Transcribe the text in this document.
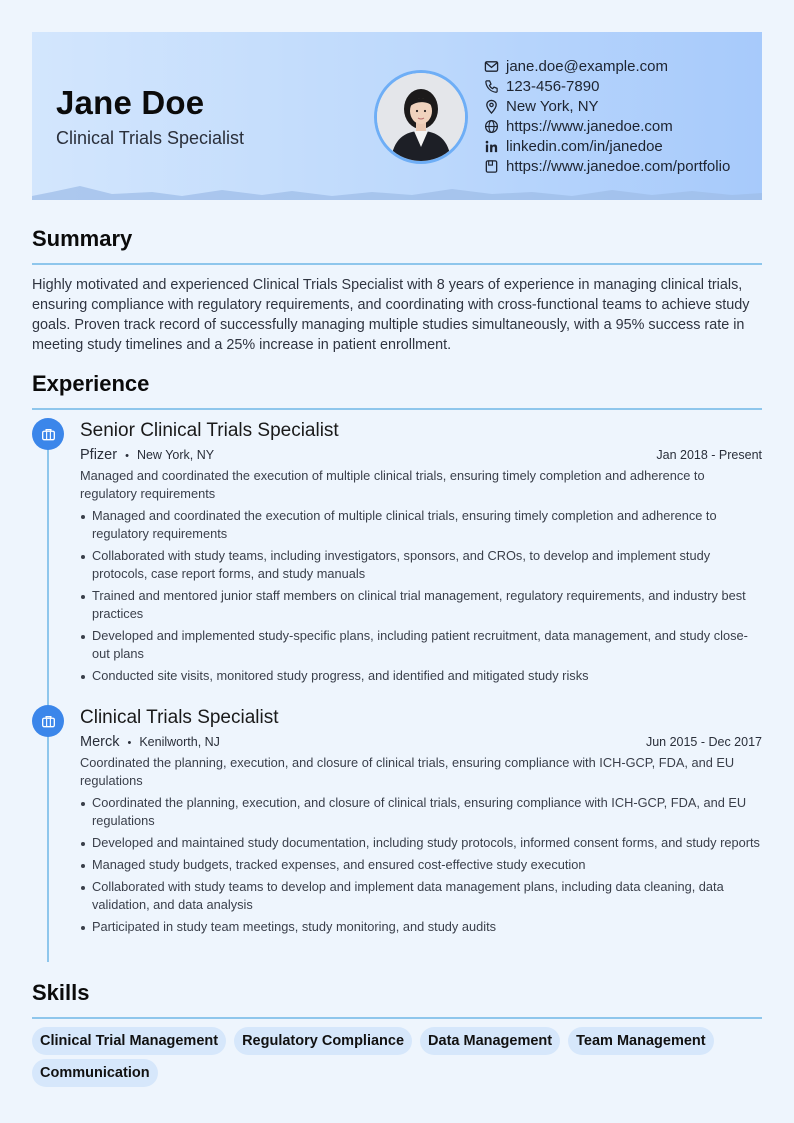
Jane Doe
Clinical Trials Specialist
jane.doe@example.com
123-456-7890
New York, NY
https://www.janedoe.com
linkedin.com/in/janedoe
https://www.janedoe.com/portfolio
Summary
Highly motivated and experienced Clinical Trials Specialist with 8 years of experience in managing clinical trials, ensuring compliance with regulatory requirements, and coordinating with cross-functional teams to achieve study goals. Proven track record of successfully managing multiple studies simultaneously, with a 95% success rate in meeting study timelines and a 25% increase in patient enrollment.
Experience
Senior Clinical Trials Specialist
Pfizer • New York, NY	Jan 2018 - Present
Managed and coordinated the execution of multiple clinical trials, ensuring timely completion and adherence to regulatory requirements
Managed and coordinated the execution of multiple clinical trials, ensuring timely completion and adherence to regulatory requirements
Collaborated with study teams, including investigators, sponsors, and CROs, to develop and implement study protocols, case report forms, and study manuals
Trained and mentored junior staff members on clinical trial management, regulatory requirements, and industry best practices
Developed and implemented study-specific plans, including patient recruitment, data management, and study close-out plans
Conducted site visits, monitored study progress, and identified and mitigated study risks
Clinical Trials Specialist
Merck • Kenilworth, NJ	Jun 2015 - Dec 2017
Coordinated the planning, execution, and closure of clinical trials, ensuring compliance with ICH-GCP, FDA, and EU regulations
Coordinated the planning, execution, and closure of clinical trials, ensuring compliance with ICH-GCP, FDA, and EU regulations
Developed and maintained study documentation, including study protocols, informed consent forms, and study reports
Managed study budgets, tracked expenses, and ensured cost-effective study execution
Collaborated with study teams to develop and implement data management plans, including data cleaning, data validation, and data analysis
Participated in study team meetings, study monitoring, and study audits
Skills
Clinical Trial Management Regulatory Compliance Data Management Team ManagementCommunication
